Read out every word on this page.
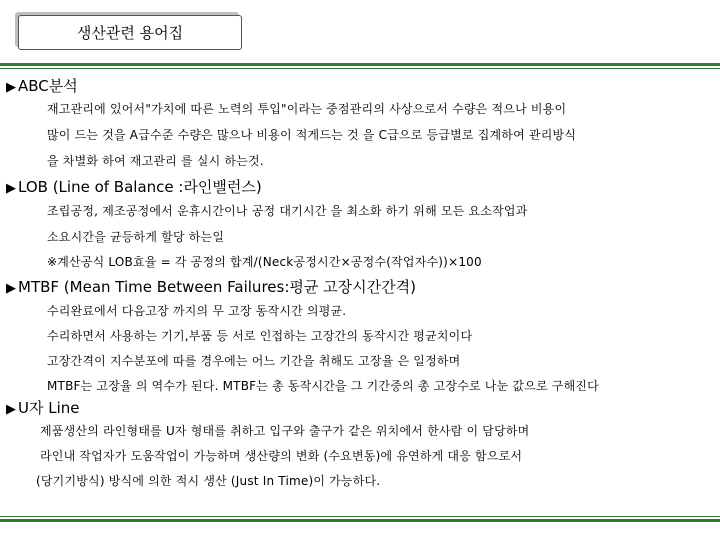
생산관련 용어집
▶ ABC분석
재고관리에 있어서"가치에 따른 노력의 투입"이라는 중점관리의 사상으로서 수량은 적으나 비용이
많이 드는 것을 A급수준 수량은 많으나 비용이 적게드는 것 을 C급으로 등급별로 집계하여 관리방식
을 차별화 하여 재고관리 를 실시 하는것.
▶ LOB (Line of Balance :라인밸런스)
조립공정, 제조공정에서 운휴시간이나 공정 대기시간 을 최소화 하기 위해 모든 요소작업과
소요시간을 균등하게 할당 하는일
※계산공식 LOB효율 = 각 공정의 합계/(Neck공정시간×공정수(작업자수))×100
▶ MTBF (Mean Time Between Failures:평균 고장시간간격)
수리완료에서 다음고장 까지의 무 고장 동작시간 의평균.
수리하면서 사용하는 기기,부품 등 서로 인접하는 고장간의 동작시간 평균치이다
고장간격이 지수분포에 따를 경우에는 어느 기간을 취해도 고장율 은 일정하며
MTBF는 고장율 의 역수가 된다. MTBF는 총 동작시간을 그 기간중의 총 고장수로 나눈 값으로 구해진다
▶ U자 Line
제품생산의 라인형태를 U자 형태를 취하고 입구와 출구가 같은 위치에서 한사람 이 담당하며
라인내 작업자가 도움작업이 가능하며 생산량의 변화 (수요변동)에 유연하게 대응 함으로서
(당기기방식) 방식에 의한 적시 생산 (Just In Time)이 가능하다.
